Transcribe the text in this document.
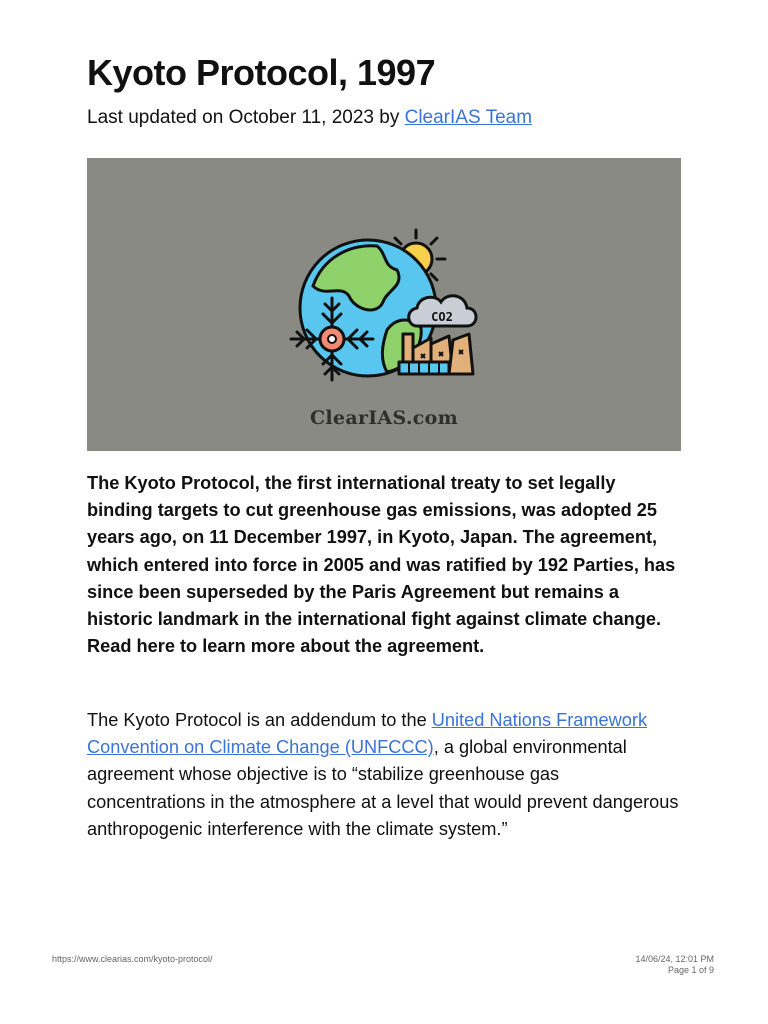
Kyoto Protocol, 1997
Last updated on October 11, 2023 by ClearIAS Team
CO2
ClearIAS.com

The Kyoto Protocol, the first international treaty to set legally binding targets to cut greenhouse gas emissions, was adopted 25 years ago, on 11 December 1997, in Kyoto, Japan. The agreement, which entered into force in 2005 and was ratified by 192 Parties, has since been superseded by the Paris Agreement but remains a historic landmark in the international fight against climate change. Read here to learn more about the agreement.

The Kyoto Protocol is an addendum to the United Nations Framework Convention on Climate Change (UNFCCC), a global environmental agreement whose objective is to “stabilize greenhouse gas concentrations in the atmosphere at a level that would prevent dangerous anthropogenic interference with the climate system.”

https://www.clearias.com/kyoto-protocol/	14/06/24, 12:01 PM
Page 1 of 9
